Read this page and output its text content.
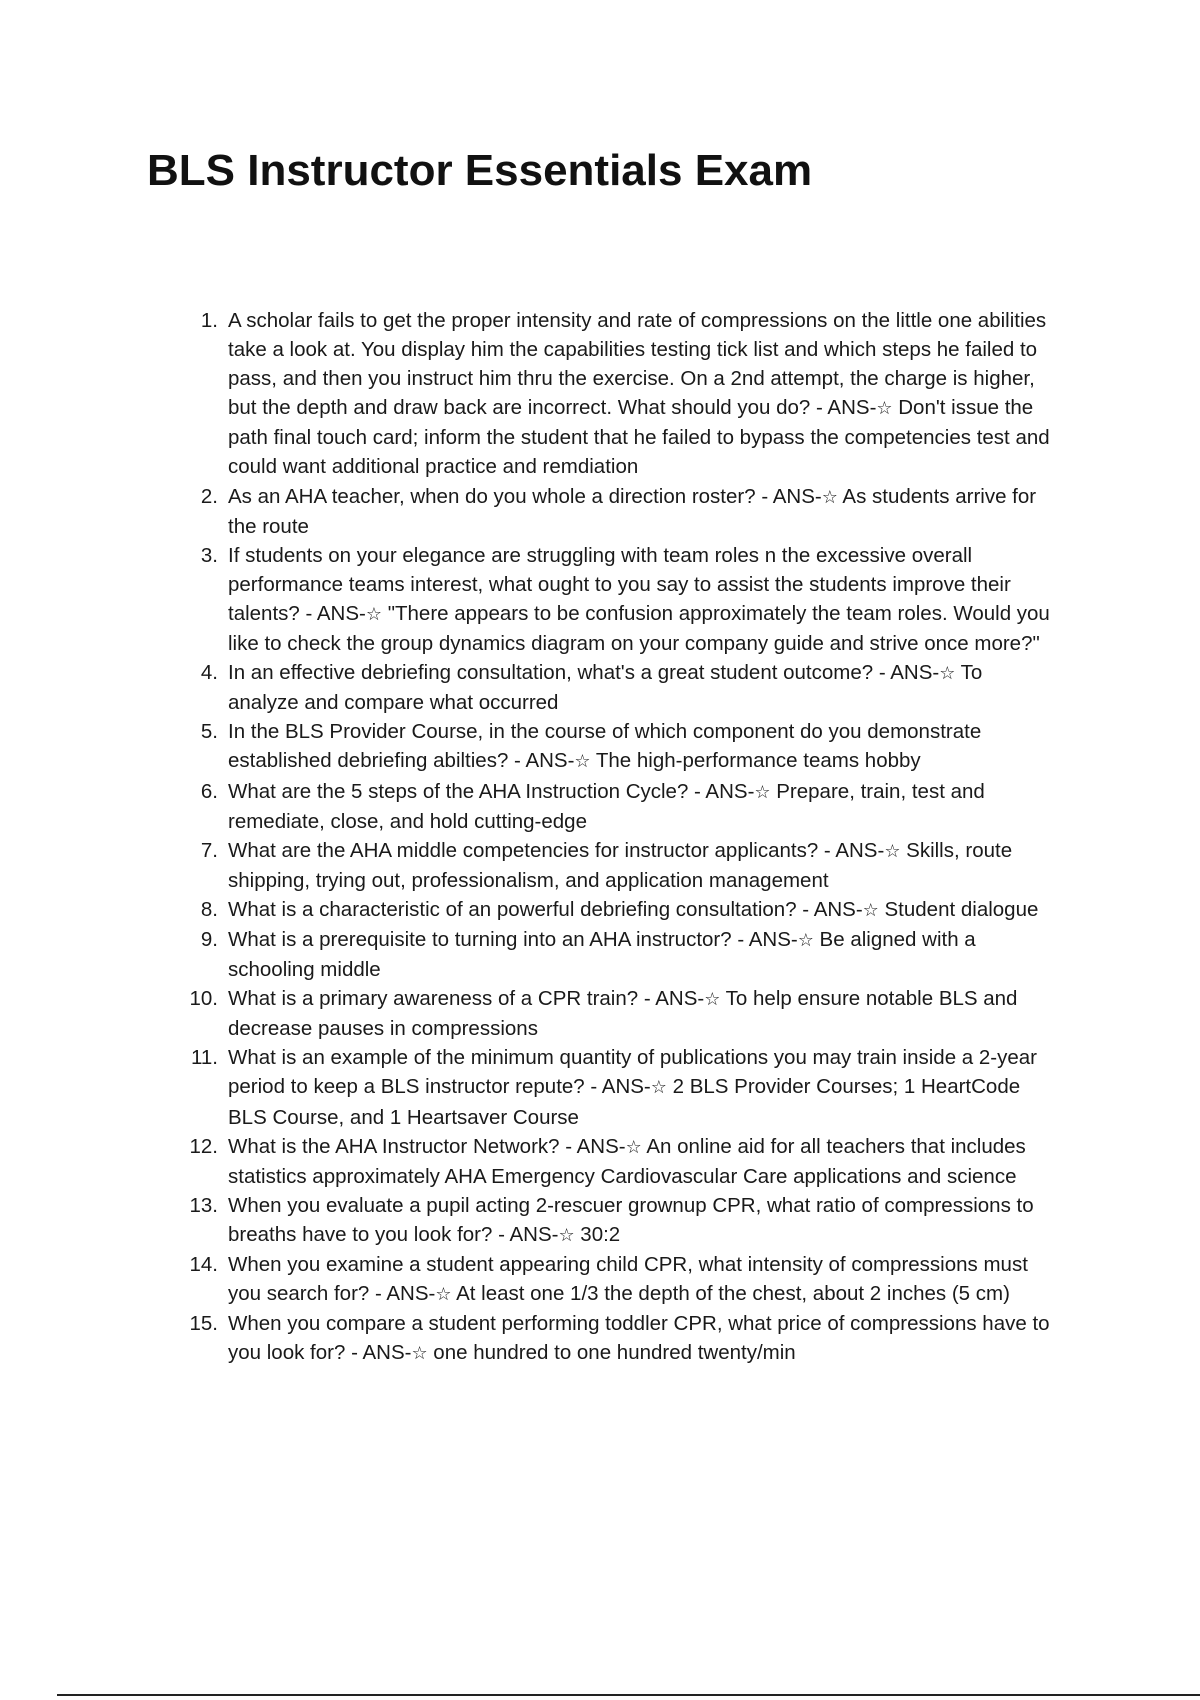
BLS Instructor Essentials Exam
1. A scholar fails to get the proper intensity and rate of compressions on the little one abilities take a look at. You display him the capabilities testing tick list and which steps he failed to pass, and then you instruct him thru the exercise. On a 2nd attempt, the charge is higher, but the depth and draw back are incorrect. What should you do? - ANS-☆ Don't issue the path final touch card; inform the student that he failed to bypass the competencies test and could want additional practice and remdiation
2. As an AHA teacher, when do you whole a direction roster? - ANS-☆ As students arrive for the route
3. If students on your elegance are struggling with team roles n the excessive overall performance teams interest, what ought to you say to assist the students improve their talents? - ANS-☆ "There appears to be confusion approximately the team roles. Would you like to check the group dynamics diagram on your company guide and strive once more?"
4. In an effective debriefing consultation, what's a great student outcome? - ANS-☆ To analyze and compare what occurred
5. In the BLS Provider Course, in the course of which component do you demonstrate established debriefing abilties? - ANS-☆ The high-performance teams hobby
6. What are the 5 steps of the AHA Instruction Cycle? - ANS-☆ Prepare, train, test and remediate, close, and hold cutting-edge
7. What are the AHA middle competencies for instructor applicants? - ANS-☆ Skills, route shipping, trying out, professionalism, and application management
8. What is a characteristic of an powerful debriefing consultation? - ANS-☆ Student dialogue
9. What is a prerequisite to turning into an AHA instructor? - ANS-☆ Be aligned with a schooling middle
10. What is a primary awareness of a CPR train? - ANS-☆ To help ensure notable BLS and decrease pauses in compressions
11. What is an example of the minimum quantity of publications you may train inside a 2-year period to keep a BLS instructor repute? - ANS-☆ 2 BLS Provider Courses; 1 HeartCode BLS Course, and 1 Heartsaver Course
12. What is the AHA Instructor Network? - ANS-☆ An online aid for all teachers that includes statistics approximately AHA Emergency Cardiovascular Care applications and science
13. When you evaluate a pupil acting 2-rescuer grownup CPR, what ratio of compressions to breaths have to you look for? - ANS-☆ 30:2
14. When you examine a student appearing child CPR, what intensity of compressions must you search for? - ANS-☆ At least one 1/3 the depth of the chest, about 2 inches (5 cm)
15. When you compare a student performing toddler CPR, what price of compressions have to you look for? - ANS-☆ one hundred to one hundred twenty/min
